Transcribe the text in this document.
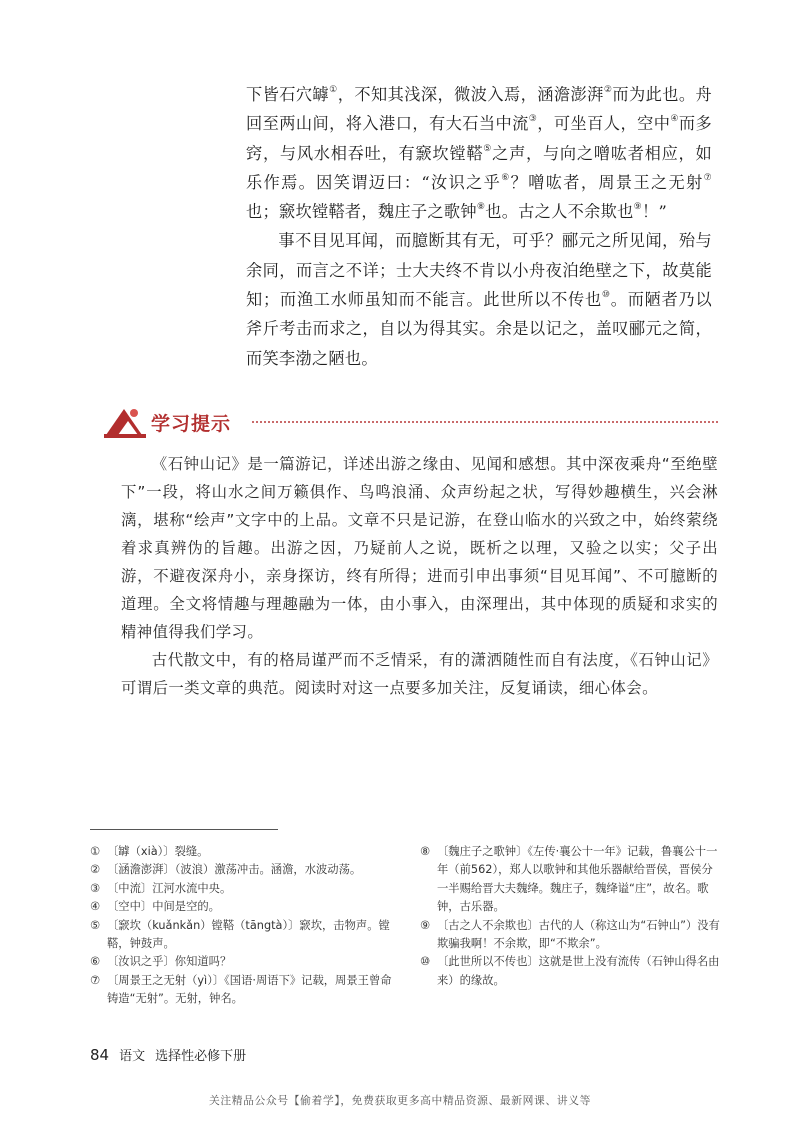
下皆石穴罅①，不知其浅深，微波入焉，涵澹澎湃②而为此也。舟回至两山间，将入港口，有大石当中流③，可坐百人，空中④而多窍，与风水相吞吐，有窾坎镗鞳⑤之声，与向之噌吰者相应，如乐作焉。因笑谓迈曰：“汝识之乎⑥？噌吰者，周景王之无射⑦也；窾坎镗鞳者，魏庄子之歌钟⑧也。古之人不余欺也⑨！”

事不目见耳闻，而臆断其有无，可乎？郦元之所见闻，殆与余同，而言之不详；士大夫终不肯以小舟夜泊绝壁之下，故莫能知；而渔工水师虽知而不能言。此世所以不传也⑩。而陋者乃以斧斤考击而求之，自以为得其实。余是以记之，盖叹郦元之简，而笑李渤之陋也。

学习提示

《石钟山记》是一篇游记，详述出游之缘由、见闻和感想。其中深夜乘舟“至绝壁下”一段，将山水之间万籁俱作、鸟鸣浪涌、众声纷起之状，写得妙趣横生，兴会淋漓，堪称“绘声”文字中的上品。文章不只是记游，在登山临水的兴致之中，始终萦绕着求真辨伪的旨趣。出游之因，乃疑前人之说，既析之以理，又验之以实；父子出游，不避夜深舟小，亲身探访，终有所得；进而引申出事须“目见耳闻”、不可臆断的道理。全文将情趣与理趣融为一体，由小事入，由深理出，其中体现的质疑和求实的精神值得我们学习。

古代散文中，有的格局谨严而不乏情采，有的潇洒随性而自有法度，《石钟山记》可谓后一类文章的典范。阅读时对这一点要多加关注，反复诵读，细心体会。

① 〔罅（xià）〕裂缝。
② 〔涵澹澎湃〕（波浪）激荡冲击。涵澹，水波动荡。
③ 〔中流〕江河水流中央。
④ 〔空中〕中间是空的。
⑤ 〔窾坎（kuǎnkǎn）镗鞳（tāngtà）〕窾坎，击物声。镗鞳，钟鼓声。
⑥ 〔汝识之乎〕你知道吗？
⑦ 〔周景王之无射（yì）〕《国语·周语下》记载，周景王曾命铸造“无射”。无射，钟名。
⑧ 〔魏庄子之歌钟〕《左传·襄公十一年》记载，鲁襄公十一年（前562），郑人以歌钟和其他乐器献给晋侯，晋侯分一半赐给晋大夫魏绛。魏庄子，魏绛谥“庄”，故名。歌钟，古乐器。
⑨ 〔古之人不余欺也〕古代的人（称这山为“石钟山”）没有欺骗我啊！不余欺，即“不欺余”。
⑩ 〔此世所以不传也〕这就是世上没有流传（石钟山得名由来）的缘故。
84 语文 选择性必修下册
关注精品公众号【偷着学】，免费获取更多高中精品资源、最新网课、讲义等
